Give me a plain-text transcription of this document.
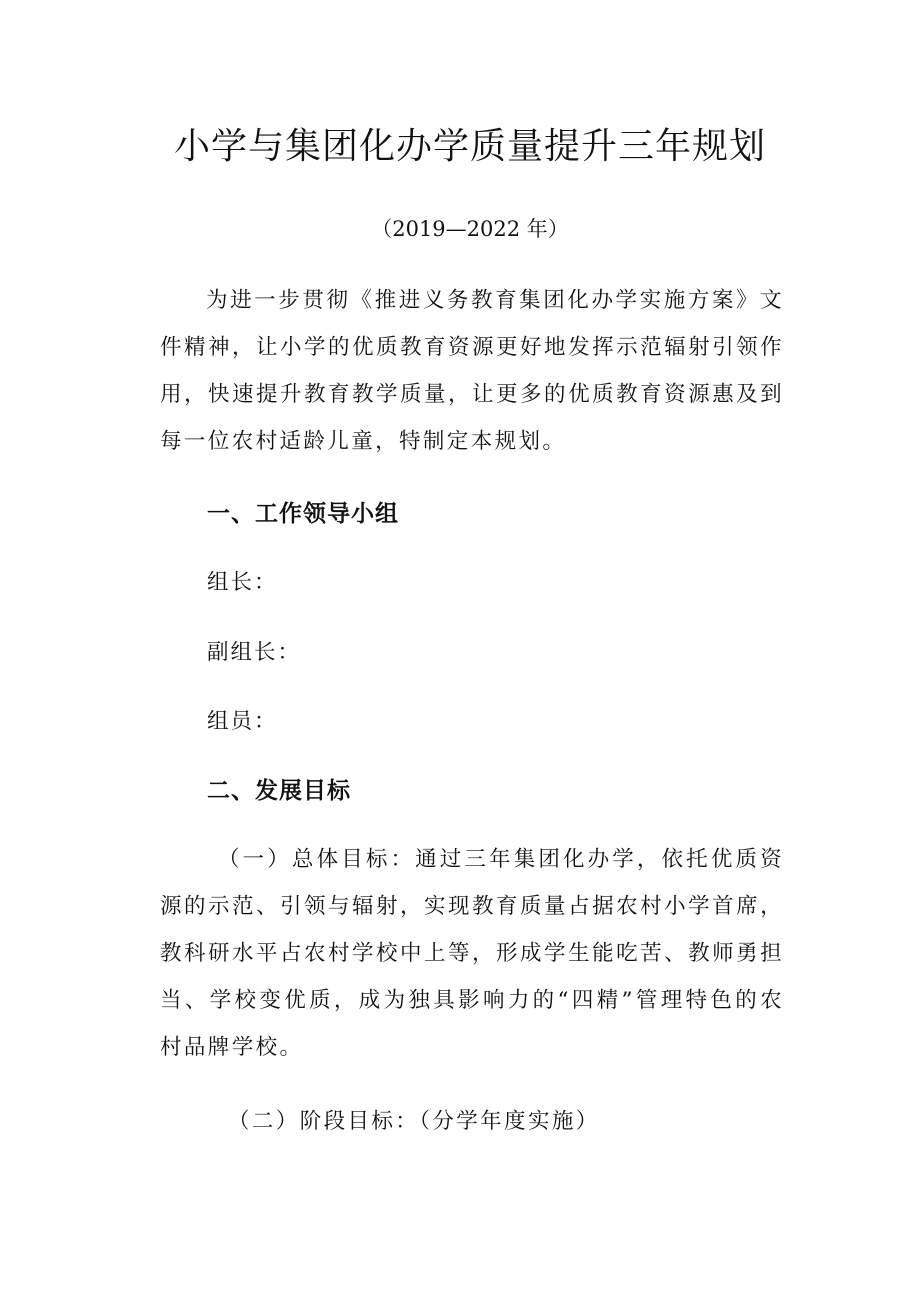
小学与集团化办学质量提升三年规划
（2019—2022 年）

为进一步贯彻《推进义务教育集团化办学实施方案》文件精神，让小学的优质教育资源更好地发挥示范辐射引领作用，快速提升教育教学质量，让更多的优质教育资源惠及到每一位农村适龄儿童，特制定本规划。

一、工作领导小组
组长：
副组长：
组员：
二、发展目标

（一）总体目标：通过三年集团化办学，依托优质资源的示范、引领与辐射，实现教育质量占据农村小学首席，教科研水平占农村学校中上等，形成学生能吃苦、教师勇担当、学校变优质，成为独具影响力的“四精”管理特色的农村品牌学校。

（二）阶段目标：（分学年度实施）
